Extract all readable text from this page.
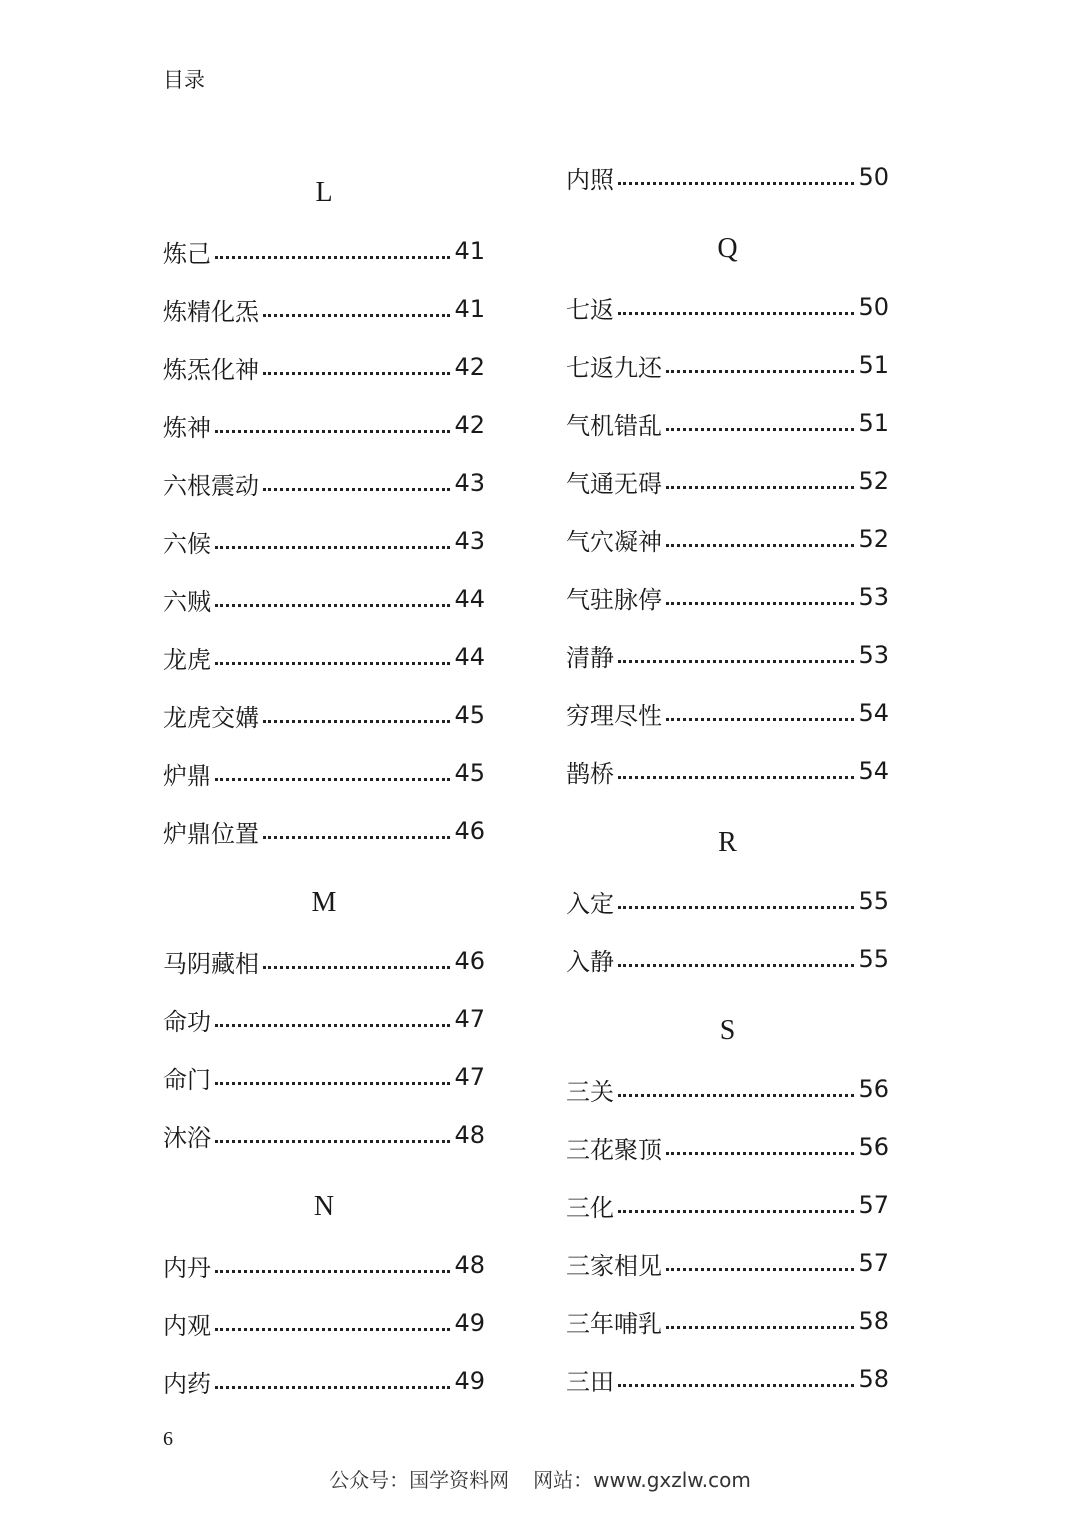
目录
L
炼己	41
炼精化炁	41
炼炁化神	42
炼神	42
六根震动	43
六候	43
六贼	44
龙虎	44
龙虎交媾	45
炉鼎	45
炉鼎位置	46
M
马阴藏相	46
命功	47
命门	47
沐浴	48
N
内丹	48
内观	49
内药	49
内照	50
Q
七返	50
七返九还	51
气机错乱	51
气通无碍	52
气穴凝神	52
气驻脉停	53
清静	53
穷理尽性	54
鹊桥	54
R
入定	55
入静	55
S
三关	56
三花聚顶	56
三化	57
三家相见	57
三年哺乳	58
三田	58
6
公众号：国学资料网 网站：www.gxzlw.com
